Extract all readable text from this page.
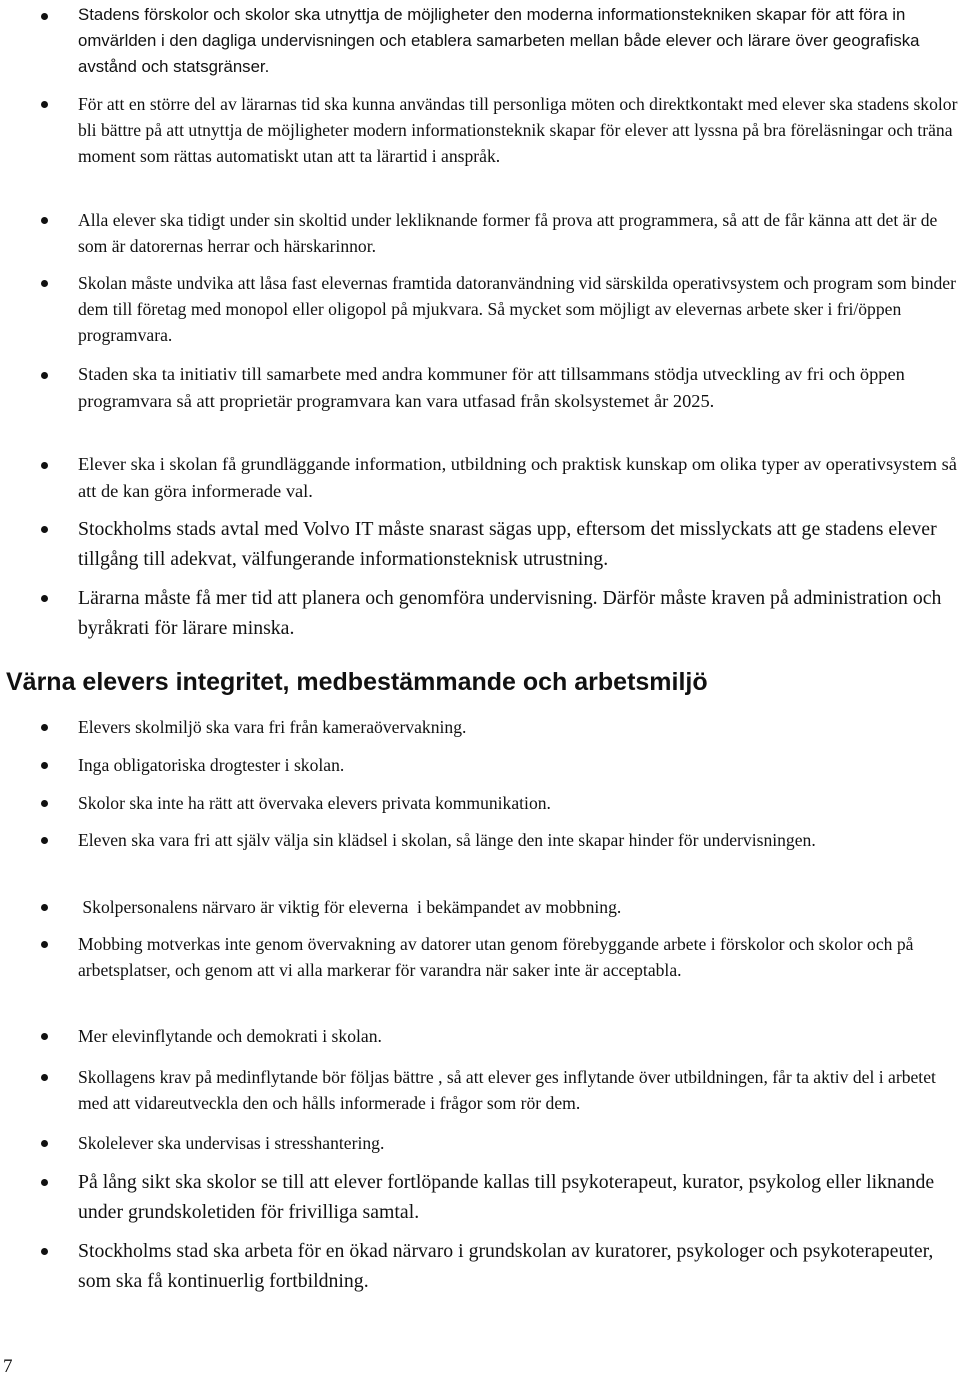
Stadens förskolor och skolor ska utnyttja de möjligheter den moderna informationstekniken skapar för att föra in omvärlden i den dagliga undervisningen och etablera samarbeten mellan både elever och lärare över geografiska avstånd och statsgränser.
För att en större del av lärarnas tid ska kunna användas till personliga möten och direktkontakt med elever ska stadens skolor bli bättre på att utnyttja de möjligheter modern informationsteknik skapar för elever att lyssna på bra föreläsningar och träna moment som rättas automatiskt utan att ta lärartid i anspråk.
Alla elever ska tidigt under sin skoltid under lekliknande former få prova att programmera, så att de får känna att det är de som är datorernas herrar och härskarinnor.
Skolan måste undvika att låsa fast elevernas framtida datoranvändning vid särskilda operativsystem och program som binder dem till företag med monopol eller oligopol på mjukvara. Så mycket som möjligt av elevernas arbete sker i fri/öppen programvara.
Staden ska ta initiativ till samarbete med andra kommuner för att tillsammans stödja utveckling av fri och öppen programvara så att proprietär programvara kan vara utfasad från skolsystemet år 2025.
Elever ska i skolan få grundläggande information, utbildning och praktisk kunskap om olika typer av operativsystem så att de kan göra informerade val.
Stockholms stads avtal med Volvo IT måste snarast sägas upp, eftersom det misslyckats att ge stadens elever tillgång till adekvat, välfungerande informationsteknisk utrustning.
Lärarna måste få mer tid att planera och genomföra undervisning. Därför måste kraven på administration och byråkrati för lärare minska.
Värna elevers integritet, medbestämmande och arbetsmiljö
Elevers skolmiljö ska vara fri från kameraövervakning.
Inga obligatoriska drogtester i skolan.
Skolor ska inte ha rätt att övervaka elevers privata kommunikation.
Eleven ska vara fri att själv välja sin klädsel i skolan, så länge den inte skapar hinder för undervisningen.
Skolpersonalens närvaro är viktig för eleverna  i bekämpandet av mobbning.
Mobbing motverkas inte genom övervakning av datorer utan genom förebyggande arbete i förskolor och skolor och på arbetsplatser, och genom att vi alla markerar för varandra när saker inte är acceptabla.
Mer elevinflytande och demokrati i skolan.
Skollagens krav på medinflytande bör följas bättre , så att elever ges inflytande över utbildningen, får ta aktiv del i arbetet med att vidareutveckla den och hålls informerade i frågor som rör dem.
Skolelever ska undervisas i stresshantering.
På lång sikt ska skolor se till att elever fortlöpande kallas till psykoterapeut, kurator, psykolog eller liknande under grundskoletiden för frivilliga samtal.
Stockholms stad ska arbeta för en ökad närvaro i grundskolan av kuratorer, psykologer och psykoterapeuter, som ska få kontinuerlig fortbildning.
7
